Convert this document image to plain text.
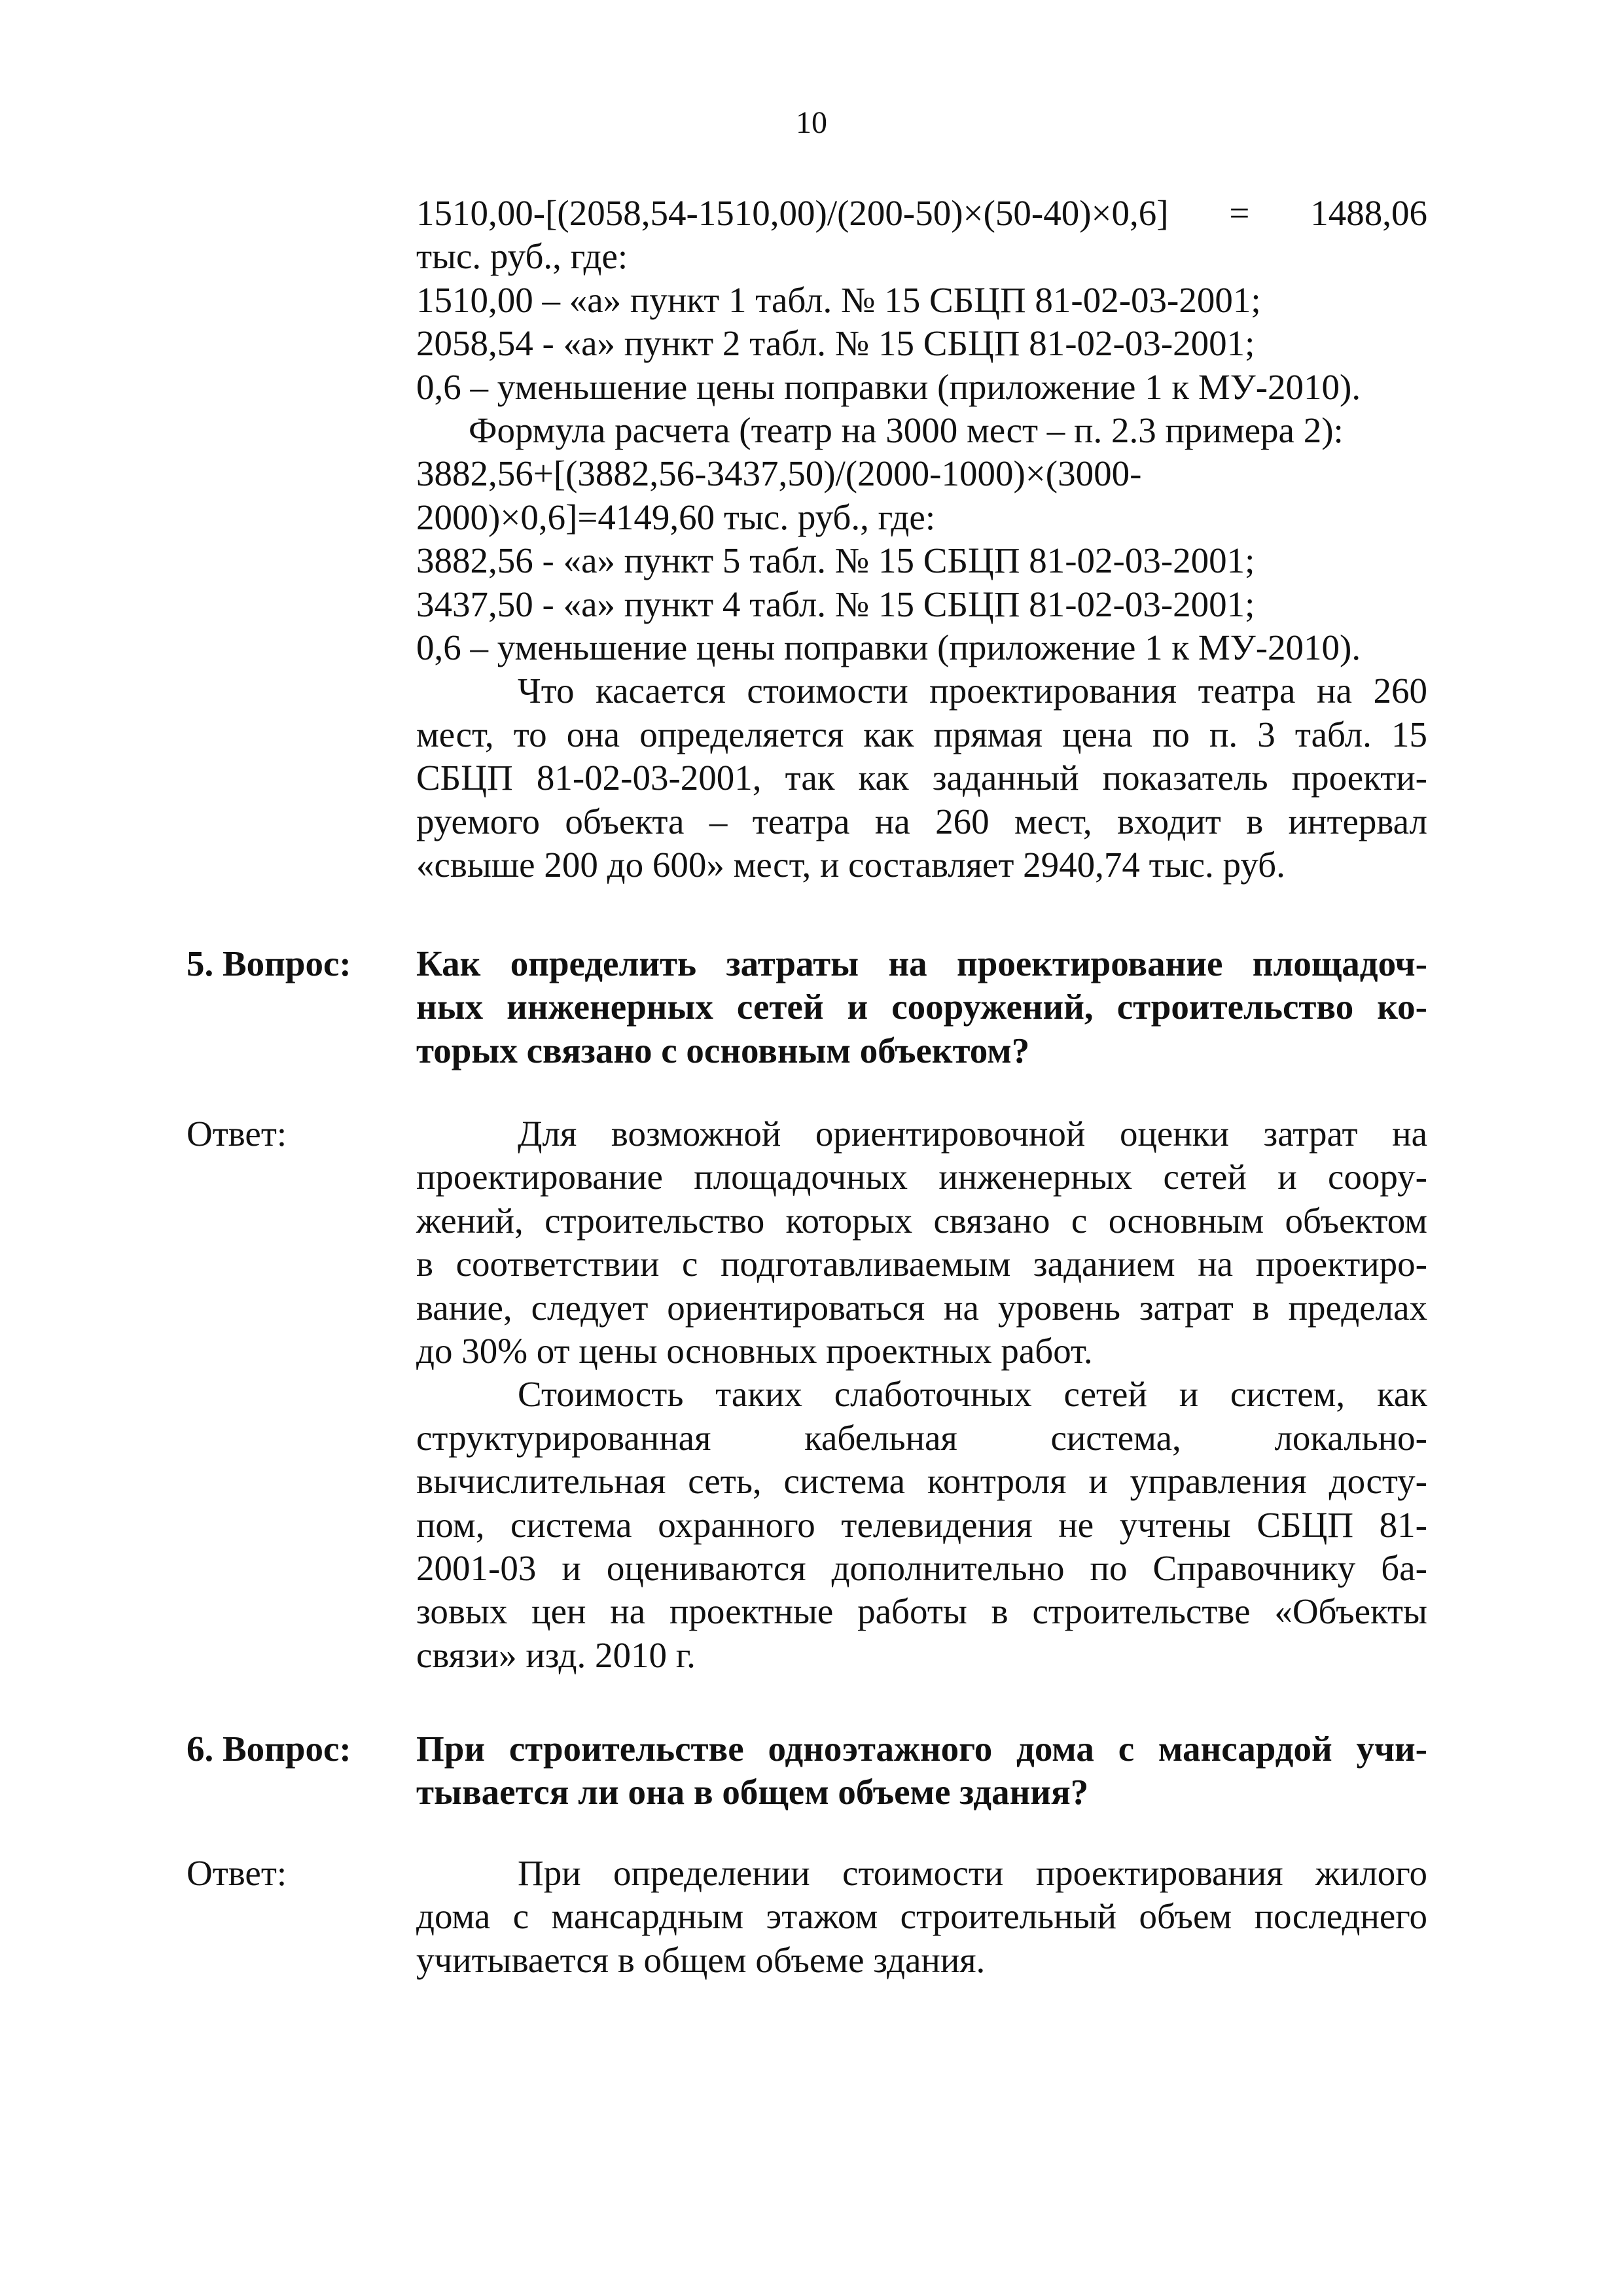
10
1510,00-[(2058,54-1510,00)/(200-50)×(50-40)×0,6] = 1488,06
тыс. руб., где:
1510,00 – «а» пункт 1 табл. № 15 СБЦП 81-02-03-2001;
2058,54 - «а» пункт 2 табл. № 15 СБЦП 81-02-03-2001;
0,6 – уменьшение цены поправки (приложение 1 к МУ-2010).
Формула расчета (театр на 3000 мест – п. 2.3 примера 2):
3882,56+[(3882,56-3437,50)/(2000-1000)×(3000-
2000)×0,6]=4149,60 тыс. руб., где:
3882,56 - «а» пункт 5 табл. № 15 СБЦП 81-02-03-2001;
3437,50 - «а» пункт 4 табл. № 15 СБЦП 81-02-03-2001;
0,6 – уменьшение цены поправки (приложение 1 к МУ-2010).
Что касается стоимости проектирования театра на 260
мест, то она определяется как прямая цена по п. 3 табл. 15
СБЦП 81-02-03-2001, так как заданный показатель проекти-
руемого объекта – театра на 260 мест, входит в интервал
«свыше 200 до 600» мест, и составляет 2940,74 тыс. руб.
5. Вопрос: Как определить затраты на проектирование площадоч-
ных инженерных сетей и сооружений, строительство ко-
торых связано с основным объектом?
Ответ:	Для возможной ориентировочной оценки затрат на
проектирование площадочных инженерных сетей и соору-
жений, строительство которых связано с основным объектом
в соответствии с подготавливаемым заданием на проектиро-
вание, следует ориентироваться на уровень затрат в пределах
до 30% от цены основных проектных работ.
Стоимость таких слаботочных сетей и систем, как
структурированная кабельная система, локально-
вычислительная сеть, система контроля и управления досту-
пом, система охранного телевидения не учтены СБЦП 81-
2001-03 и оцениваются дополнительно по Справочнику ба-
зовых цен на проектные работы в строительстве «Объекты
связи» изд. 2010 г.
6. Вопрос: При строительстве одноэтажного дома с мансардой учи-
тывается ли она в общем объеме здания?
Ответ:	При определении стоимости проектирования жилого
дома с мансардным этажом строительный объем последнего
учитывается в общем объеме здания.
